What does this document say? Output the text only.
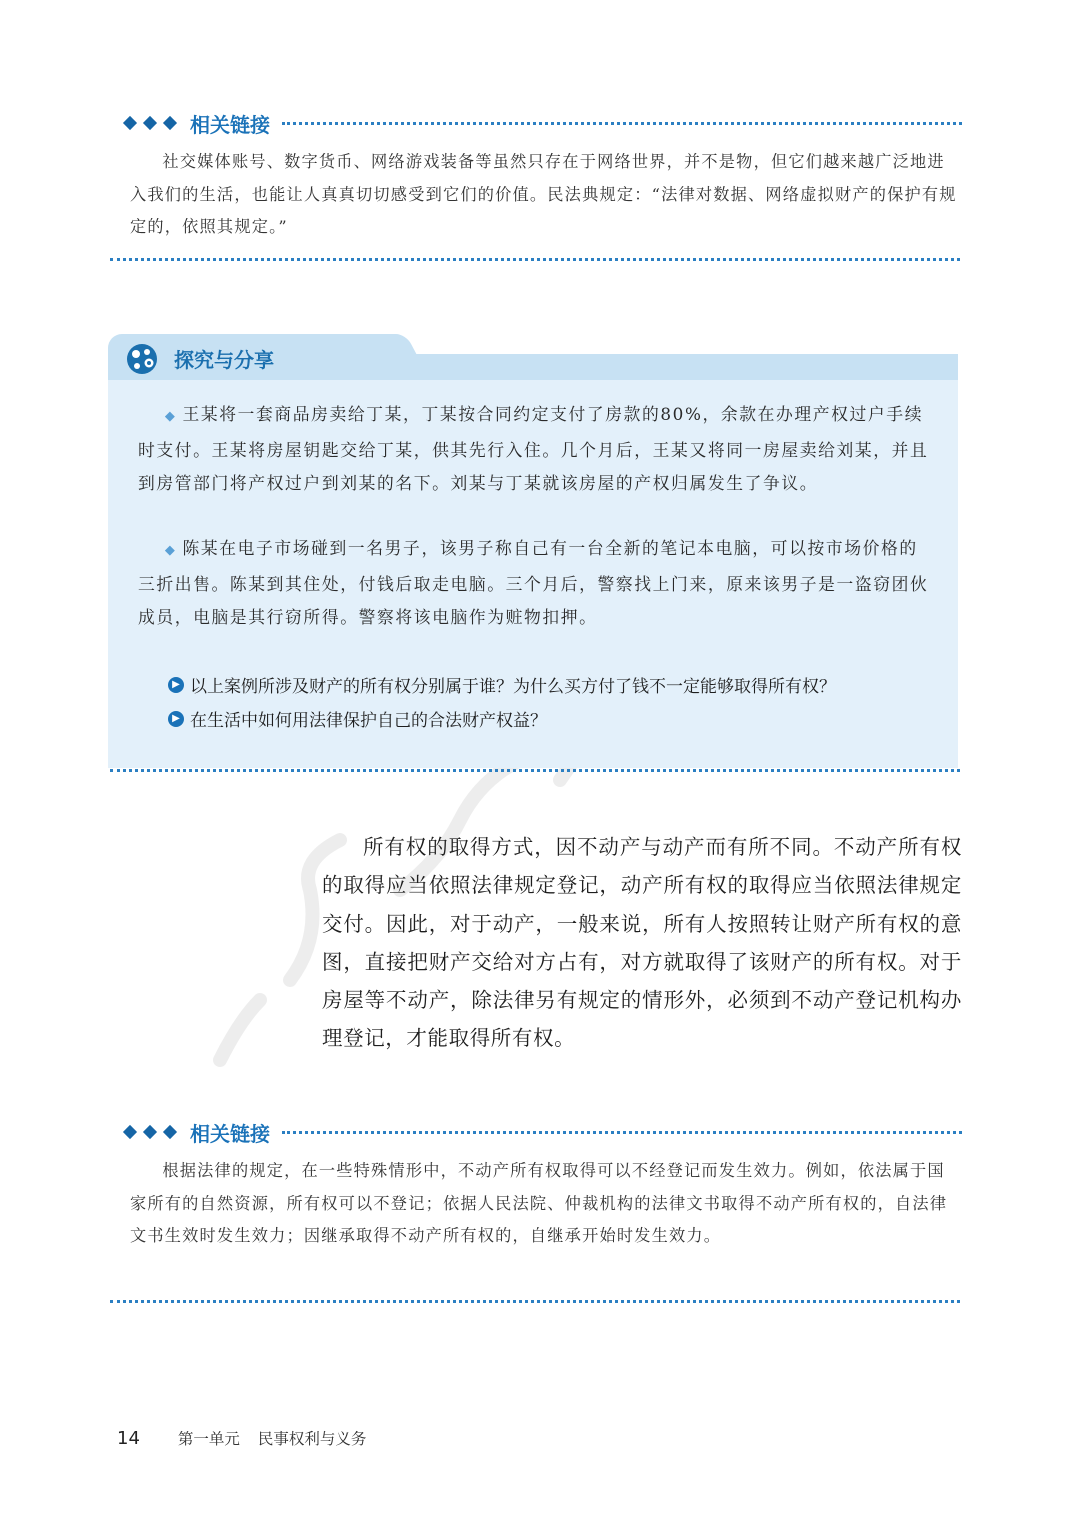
相关链接

社交媒体账号、数字货币、网络游戏装备等虽然只存在于网络世界，并不是物，但它们越来越广泛地进入我们的生活，也能让人真真切切感受到它们的价值。民法典规定：“法律对数据、网络虚拟财产的保护有规定的，依照其规定。”

探究与分享

◆ 王某将一套商品房卖给丁某，丁某按合同约定支付了房款的80%，余款在办理产权过户手续时支付。王某将房屋钥匙交给丁某，供其先行入住。几个月后，王某又将同一房屋卖给刘某，并且到房管部门将产权过户到刘某的名下。刘某与丁某就该房屋的产权归属发生了争议。

◆ 陈某在电子市场碰到一名男子，该男子称自己有一台全新的笔记本电脑，可以按市场价格的三折出售。陈某到其住处，付钱后取走电脑。三个月后，警察找上门来，原来该男子是一盗窃团伙成员，电脑是其行窃所得。警察将该电脑作为赃物扣押。

▶ 以上案例所涉及财产的所有权分别属于谁？为什么买方付了钱不一定能够取得所有权？
▶ 在生活中如何用法律保护自己的合法财产权益？

所有权的取得方式，因不动产与动产而有所不同。不动产所有权的取得应当依照法律规定登记，动产所有权的取得应当依照法律规定交付。因此，对于动产，一般来说，所有人按照转让财产所有权的意图，直接把财产交给对方占有，对方就取得了该财产的所有权。对于房屋等不动产，除法律另有规定的情形外，必须到不动产登记机构办理登记，才能取得所有权。

相关链接

根据法律的规定，在一些特殊情形中，不动产所有权取得可以不经登记而发生效力。例如，依法属于国家所有的自然资源，所有权可以不登记；依据人民法院、仲裁机构的法律文书取得不动产所有权的，自法律文书生效时发生效力；因继承取得不动产所有权的，自继承开始时发生效力。

14 第一单元 民事权利与义务
